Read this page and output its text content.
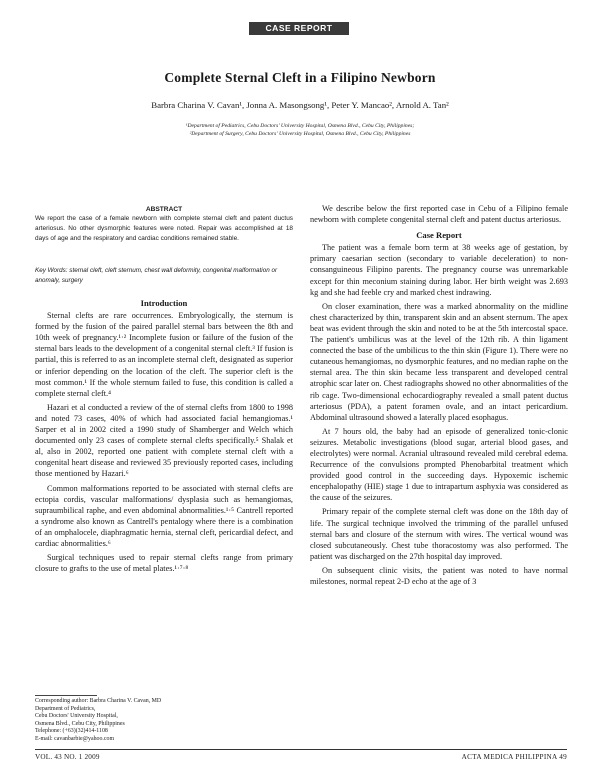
CASE REPORT
Complete Sternal Cleft in a Filipino Newborn
Barbra Charina V. Cavan¹, Jonna A. Masongsong¹, Peter Y. Mancao², Arnold A. Tan²
¹Department of Pediatrics, Cebu Doctors' University Hospital, Osmena Blvd., Cebu City, Philippines;
²Department of Surgery, Cebu Doctors' University Hospital, Osmena Blvd., Cebu City, Philippines
ABSTRACT
We report the case of a female newborn with complete sternal cleft and patent ductus arteriosus. No other dysmorphic features were noted. Repair was accomplished at 18 days of age and the respiratory and cardiac conditions remained stable.
Key Words: sternal cleft, cleft sternum, chest wall deformity, congenital malformation or anomaly, surgery
Introduction

Sternal clefts are rare occurrences. Embryologically, the sternum is formed by the fusion of the paired parallel sternal bars between the 8th and 10th week of pregnancy.¹·² Incomplete fusion or failure of the fusion of the sternal bars leads to the development of a congenital sternal cleft.³ If fusion is partial, this is referred to as an incomplete sternal cleft, designated as superior or inferior depending on the location of the cleft. The superior cleft is the most common.¹ If the whole sternum failed to fuse, this condition is called a complete sternal cleft.⁴

Hazari et al conducted a review of the of sternal clefts from 1800 to 1998 and noted 73 cases, 40% of which had associated facial hemangiomas.¹ Sarper et al in 2002 cited a 1990 study of Shamberger and Welch which documented only 23 cases of complete sternal clefts specifically.⁵ Shalak et al, also in 2002, reported one patient with complete sternal cleft with a congenital heart disease and reviewed 35 previously reported cases, including those mentioned by Hazari.⁶

Common malformations reported to be associated with sternal clefts are ectopia cordis, vascular malformations/ dysplasia such as hemangiomas, supraumbilical raphe, and even abdominal abnormalities.¹·⁵ Cantrell reported a syndrome also known as Cantrell's pentalogy where there is a combination of an omphalocele, diaphragmatic hernia, sternal cleft, pericardial defect, and cardiac abnormalities.⁶

Surgical techniques used to repair sternal clefts range from primary closure to grafts to the use of metal plates.¹·⁷·⁸

We describe below the first reported case in Cebu of a Filipino female newborn with complete congenital sternal cleft and patent ductus arteriosus.

Case Report

The patient was a female born term at 38 weeks age of gestation, by primary caesarian section (secondary to variable deceleration) to non-consanguineous Filipino parents. The pregnancy course was unremarkable except for thin meconium staining during labor. Her birth weight was 2.693 kg and she had feeble cry and marked chest indrawing.

On closer examination, there was a marked abnormality on the midline chest characterized by thin, transparent skin and an absent sternum. The apex beat was evident through the skin and noted to be at the 5th intercostal space. The patient's umbilicus was at the level of the 12th rib. A thin ligament connected the base of the umbilicus to the thin skin (Figure 1). There were no cutaneous hemangiomas, no dysmorphic features, and no median raphe on the sternal area. The thin skin became less transparent and developed central atrophic scar later on. Chest radiographs showed no other abnormalities of the rib cage. Two-dimensional echocardiography revealed a small patent ductus arteriosus (PDA), a patent foramen ovale, and an intact pericardium. Abdominal ultrasound showed a laterally placed esophagus.

At 7 hours old, the baby had an episode of generalized tonic-clonic seizures. Metabolic investigations (blood sugar, arterial blood gases, and electrolytes) were normal. Acranial ultrasound revealed mild cerebral edema. Recurrence of the convulsions prompted Phenobarbital treatment which provided good control in the succeeding days. Hypoxemic ischemic encephalopathy (HIE) stage 1 due to intrapartum asphyxia was considered as the cause of the seizures.

Primary repair of the complete sternal cleft was done on the 18th day of life. The surgical technique involved the trimming of the parallel unfused sternal bars and closure of the sternum with wires. The vertical wound was closed subcutaneously. Chest tube thoracostomy was also performed. The patient was discharged on the 27th hospital day improved.

On subsequent clinic visits, the patient was noted to have normal milestones, normal repeat 2-D echo at the age of 3

Corresponding author: Barbra Charina V. Cavan, MD
Department of Pediatrics,
Cebu Doctors' University Hospital,
Osmena Blvd., Cebu City, Philippines
Telephone: (+63)(32)414-1108
E-mail: cavanbarbie@yahoo.com
VOL. 43 NO. 1 2009	ACTA MEDICA PHILIPPINA 49
